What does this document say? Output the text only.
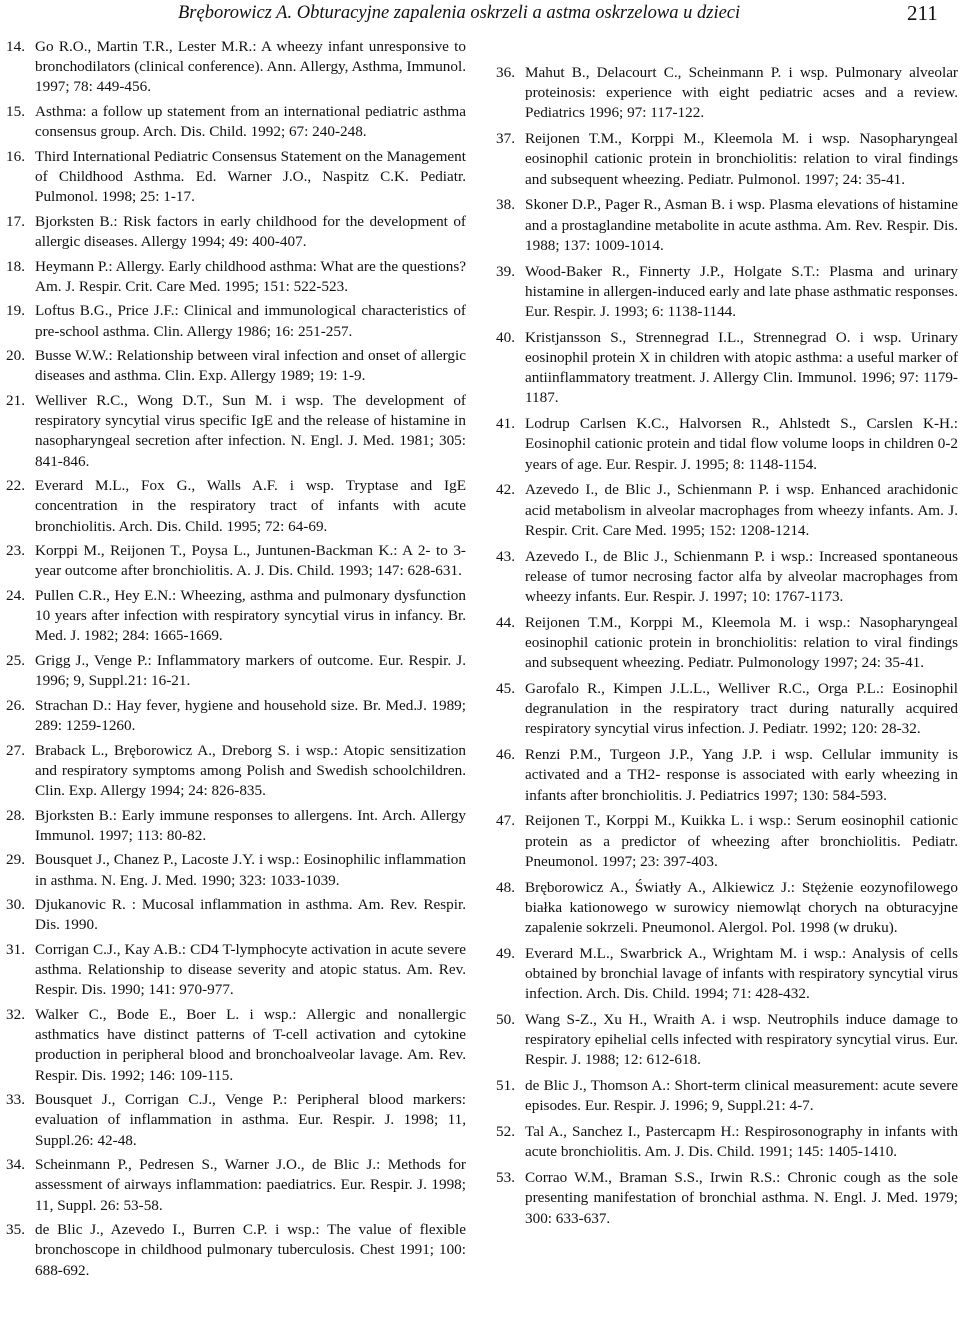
Bręborowicz A. Obturacyjne zapalenia oskrzeli a astma oskrzelowa u dzieci	211
14. Go R.O., Martin T.R., Lester M.R.: A wheezy infant unresponsive to bronchodilators (clinical conference). Ann. Allergy, Asthma, Immunol. 1997; 78: 449-456.
15. Asthma: a follow up statement from an international pediatric asthma consensus group. Arch. Dis. Child. 1992; 67: 240-248.
16. Third International Pediatric Consensus Statement on the Management of Childhood Asthma. Ed. Warner J.O., Naspitz C.K. Pediatr. Pulmonol. 1998; 25: 1-17.
17. Bjorksten B.: Risk factors in early childhood for the development of allergic diseases. Allergy 1994; 49: 400-407.
18. Heymann P.: Allergy. Early childhood asthma: What are the questions? Am. J. Respir. Crit. Care Med. 1995; 151: 522-523.
19. Loftus B.G., Price J.F.: Clinical and immunological characteristics of pre-school asthma. Clin. Allergy 1986; 16: 251-257.
20. Busse W.W.: Relationship between viral infection and onset of allergic diseases and asthma. Clin. Exp. Allergy 1989; 19: 1-9.
21. Welliver R.C., Wong D.T., Sun M. i wsp. The development of respiratory syncytial virus specific IgE and the release of histamine in nasopharyngeal secretion after infection. N. Engl. J. Med. 1981; 305: 841-846.
22. Everard M.L., Fox G., Walls A.F. i wsp. Tryptase and IgE concentration in the respiratory tract of infants with acute bronchiolitis. Arch. Dis. Child. 1995; 72: 64-69.
23. Korppi M., Reijonen T., Poysa L., Juntunen-Backman K.: A 2- to 3-year outcome after bronchiolitis. A. J. Dis. Child. 1993; 147: 628-631.
24. Pullen C.R., Hey E.N.: Wheezing, asthma and pulmonary dysfunction 10 years after infection with respiratory syncytial virus in infancy. Br. Med. J. 1982; 284: 1665-1669.
25. Grigg J., Venge P.: Inflammatory markers of outcome. Eur. Respir. J. 1996; 9, Suppl.21: 16-21.
26. Strachan D.: Hay fever, hygiene and household size. Br. Med.J. 1989; 289: 1259-1260.
27. Braback L., Bręborowicz A., Dreborg S. i wsp.: Atopic sensitization and respiratory symptoms among Polish and Swedish schoolchildren. Clin. Exp. Allergy 1994; 24: 826-835.
28. Bjorksten B.: Early immune responses to allergens. Int. Arch. Allergy Immunol. 1997; 113: 80-82.
29. Bousquet J., Chanez P., Lacoste J.Y. i wsp.: Eosinophilic inflammation in asthma. N. Eng. J. Med. 1990; 323: 1033-1039.
30. Djukanovic R. : Mucosal inflammation in asthma. Am. Rev. Respir. Dis. 1990.
31. Corrigan C.J., Kay A.B.: CD4 T-lymphocyte activation in acute severe asthma. Relationship to disease severity and atopic status. Am. Rev. Respir. Dis. 1990; 141: 970-977.
32. Walker C., Bode E., Boer L. i wsp.: Allergic and nonallergic asthmatics have distinct patterns of T-cell activation and cytokine production in peripheral blood and bronchoalveolar lavage. Am. Rev. Respir. Dis. 1992; 146: 109-115.
33. Bousquet J., Corrigan C.J., Venge P.: Peripheral blood markers: evaluation of inflammation in asthma. Eur. Respir. J. 1998; 11, Suppl.26: 42-48.
34. Scheinmann P., Pedresen S., Warner J.O., de Blic J.: Methods for assessment of airways inflammation: paediatrics. Eur. Respir. J. 1998; 11, Suppl. 26: 53-58.
35. de Blic J., Azevedo I., Burren C.P. i wsp.: The value of flexible bronchoscope in childhood pulmonary tuberculosis. Chest 1991; 100: 688-692.
36. Mahut B., Delacourt C., Scheinmann P. i wsp. Pulmonary alveolar proteinosis: experience with eight pediatric acses and a review. Pediatrics 1996; 97: 117-122.
37. Reijonen T.M., Korppi M., Kleemola M. i wsp. Nasopharyngeal eosinophil cationic protein in bronchiolitis: relation to viral findings and subsequent wheezing. Pediatr. Pulmonol. 1997; 24: 35-41.
38. Skoner D.P., Pager R., Asman B. i wsp. Plasma elevations of histamine and a prostaglandine metabolite in acute asthma. Am. Rev. Respir. Dis. 1988; 137: 1009-1014.
39. Wood-Baker R., Finnerty J.P., Holgate S.T.: Plasma and urinary histamine in allergen-induced early and late phase asthmatic responses. Eur. Respir. J. 1993; 6: 1138-1144.
40. Kristjansson S., Strennegrad I.L., Strennegrad O. i wsp. Urinary eosinophil protein X in children with atopic asthma: a useful marker of antiinflammatory treatment. J. Allergy Clin. Immunol. 1996; 97: 1179-1187.
41. Lodrup Carlsen K.C., Halvorsen R., Ahlstedt S., Carslen K-H.: Eosinophil cationic protein and tidal flow volume loops in children 0-2 years of age. Eur. Respir. J. 1995; 8: 1148-1154.
42. Azevedo I., de Blic J., Schienmann P. i wsp. Enhanced arachidonic acid metabolism in alveolar macrophages from wheezy infants. Am. J. Respir. Crit. Care Med. 1995; 152: 1208-1214.
43. Azevedo I., de Blic J., Schienmann P. i wsp.: Increased spontaneous release of tumor necrosing factor alfa by alveolar macrophages from wheezy infants. Eur. Respir. J. 1997; 10: 1767-1173.
44. Reijonen T.M., Korppi M., Kleemola M. i wsp.: Nasopharyngeal eosinophil cationic protein in bronchiolitis: relation to viral findings and subsequent wheezing. Pediatr. Pulmonology 1997; 24: 35-41.
45. Garofalo R., Kimpen J.L.L., Welliver R.C., Orga P.L.: Eosinophil degranulation in the respiratory tract during naturally acquired respiratory syncytial virus infection. J. Pediatr. 1992; 120: 28-32.
46. Renzi P.M., Turgeon J.P., Yang J.P. i wsp. Cellular immunity is activated and a TH2- response is associated with early wheezing in infants after bronchiolitis. J. Pediatrics 1997; 130: 584-593.
47. Reijonen T., Korppi M., Kuikka L. i wsp.: Serum eosinophil cationic protein as a predictor of wheezing after bronchiolitis. Pediatr. Pneumonol. 1997; 23: 397-403.
48. Bręborowicz A., Światły A., Alkiewicz J.: Stężenie eozynofilowego białka kationowego w surowicy niemowląt chorych na obturacyjne zapalenie sokrzeli. Pneumonol. Alergol. Pol. 1998 (w druku).
49. Everard M.L., Swarbrick A., Wrightam M. i wsp.: Analysis of cells obtained by bronchial lavage of infants with respiratory syncytial virus infection. Arch. Dis. Child. 1994; 71: 428-432.
50. Wang S-Z., Xu H., Wraith A. i wsp. Neutrophils induce damage to respiratory epihelial cells infected with respiratory syncytial virus. Eur. Respir. J. 1988; 12: 612-618.
51. de Blic J., Thomson A.: Short-term clinical measurement: acute severe episodes. Eur. Respir. J. 1996; 9, Suppl.21: 4-7.
52. Tal A., Sanchez I., Pastercapm H.: Respirosonography in infants with acute bronchiolitis. Am. J. Dis. Child. 1991; 145: 1405-1410.
53. Corrao W.M., Braman S.S., Irwin R.S.: Chronic cough as the sole presenting manifestation of bronchial asthma. N. Engl. J. Med. 1979; 300: 633-637.
